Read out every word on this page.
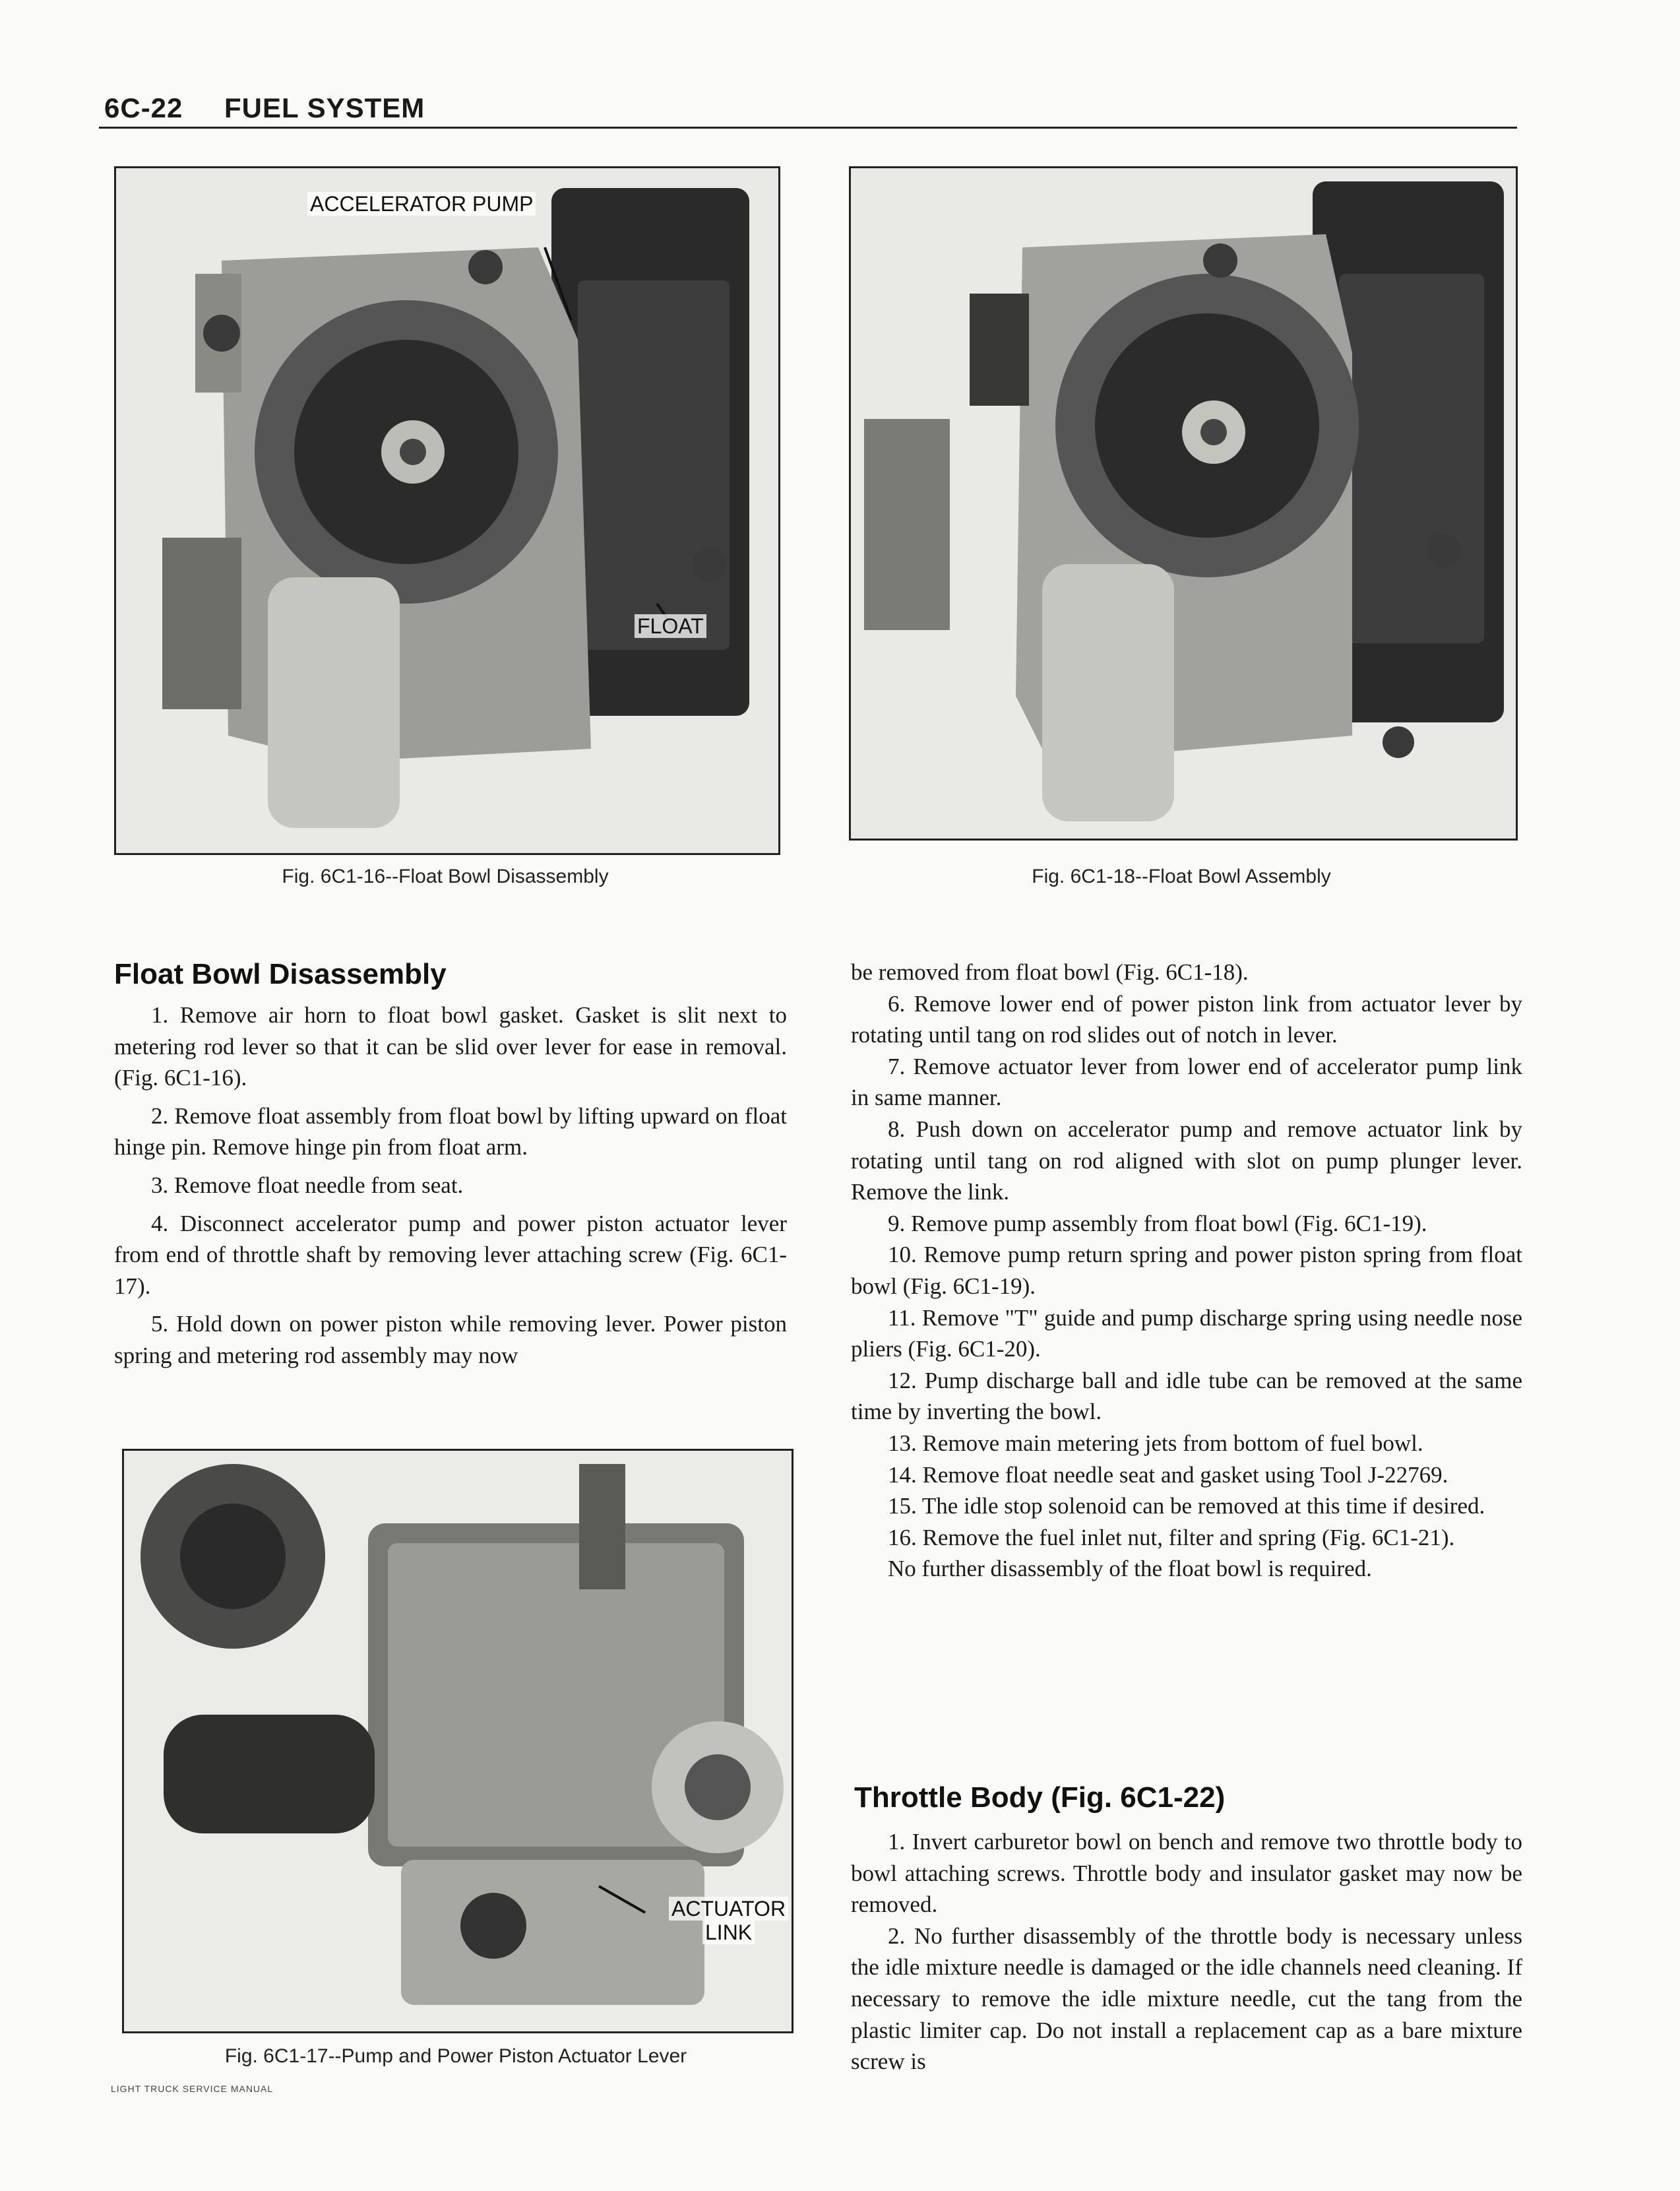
6C-22 FUEL SYSTEM
ACCELERATOR PUMP
FLOAT
Fig. 6C1-16--Float Bowl Disassembly	Fig. 6C1-18--Float Bowl Assembly
ACTUATOR
LINK
Fig. 6C1-17--Pump and Power Piston Actuator Lever
Float Bowl Disassembly

1. Remove air horn to float bowl gasket. Gasket is slit next to metering rod lever so that it can be slid over lever for ease in removal. (Fig. 6C1-16).

2. Remove float assembly from float bowl by lifting upward on float hinge pin. Remove hinge pin from float arm.

3. Remove float needle from seat.

4. Disconnect accelerator pump and power piston actuator lever from end of throttle shaft by removing lever attaching screw (Fig. 6C1-17).

5. Hold down on power piston while removing lever. Power piston spring and metering rod assembly may now

be removed from float bowl (Fig. 6C1-18).

6. Remove lower end of power piston link from actuator lever by rotating until tang on rod slides out of notch in lever.

7. Remove actuator lever from lower end of accelerator pump link in same manner.

8. Push down on accelerator pump and remove actuator link by rotating until tang on rod aligned with slot on pump plunger lever. Remove the link.

9. Remove pump assembly from float bowl (Fig. 6C1-19).

10. Remove pump return spring and power piston spring from float bowl (Fig. 6C1-19).

11. Remove "T" guide and pump discharge spring using needle nose pliers (Fig. 6C1-20).

12. Pump discharge ball and idle tube can be removed at the same time by inverting the bowl.

13. Remove main metering jets from bottom of fuel bowl.

14. Remove float needle seat and gasket using Tool J-22769.

15. The idle stop solenoid can be removed at this time if desired.

16. Remove the fuel inlet nut, filter and spring (Fig. 6C1-21).

No further disassembly of the float bowl is required.

Throttle Body (Fig. 6C1-22)

1. Invert carburetor bowl on bench and remove two throttle body to bowl attaching screws. Throttle body and insulator gasket may now be removed.

2. No further disassembly of the throttle body is necessary unless the idle mixture needle is damaged or the idle channels need cleaning. If necessary to remove the idle mixture needle, cut the tang from the plastic limiter cap. Do not install a replacement cap as a bare mixture screw is

LIGHT TRUCK SERVICE MANUAL
